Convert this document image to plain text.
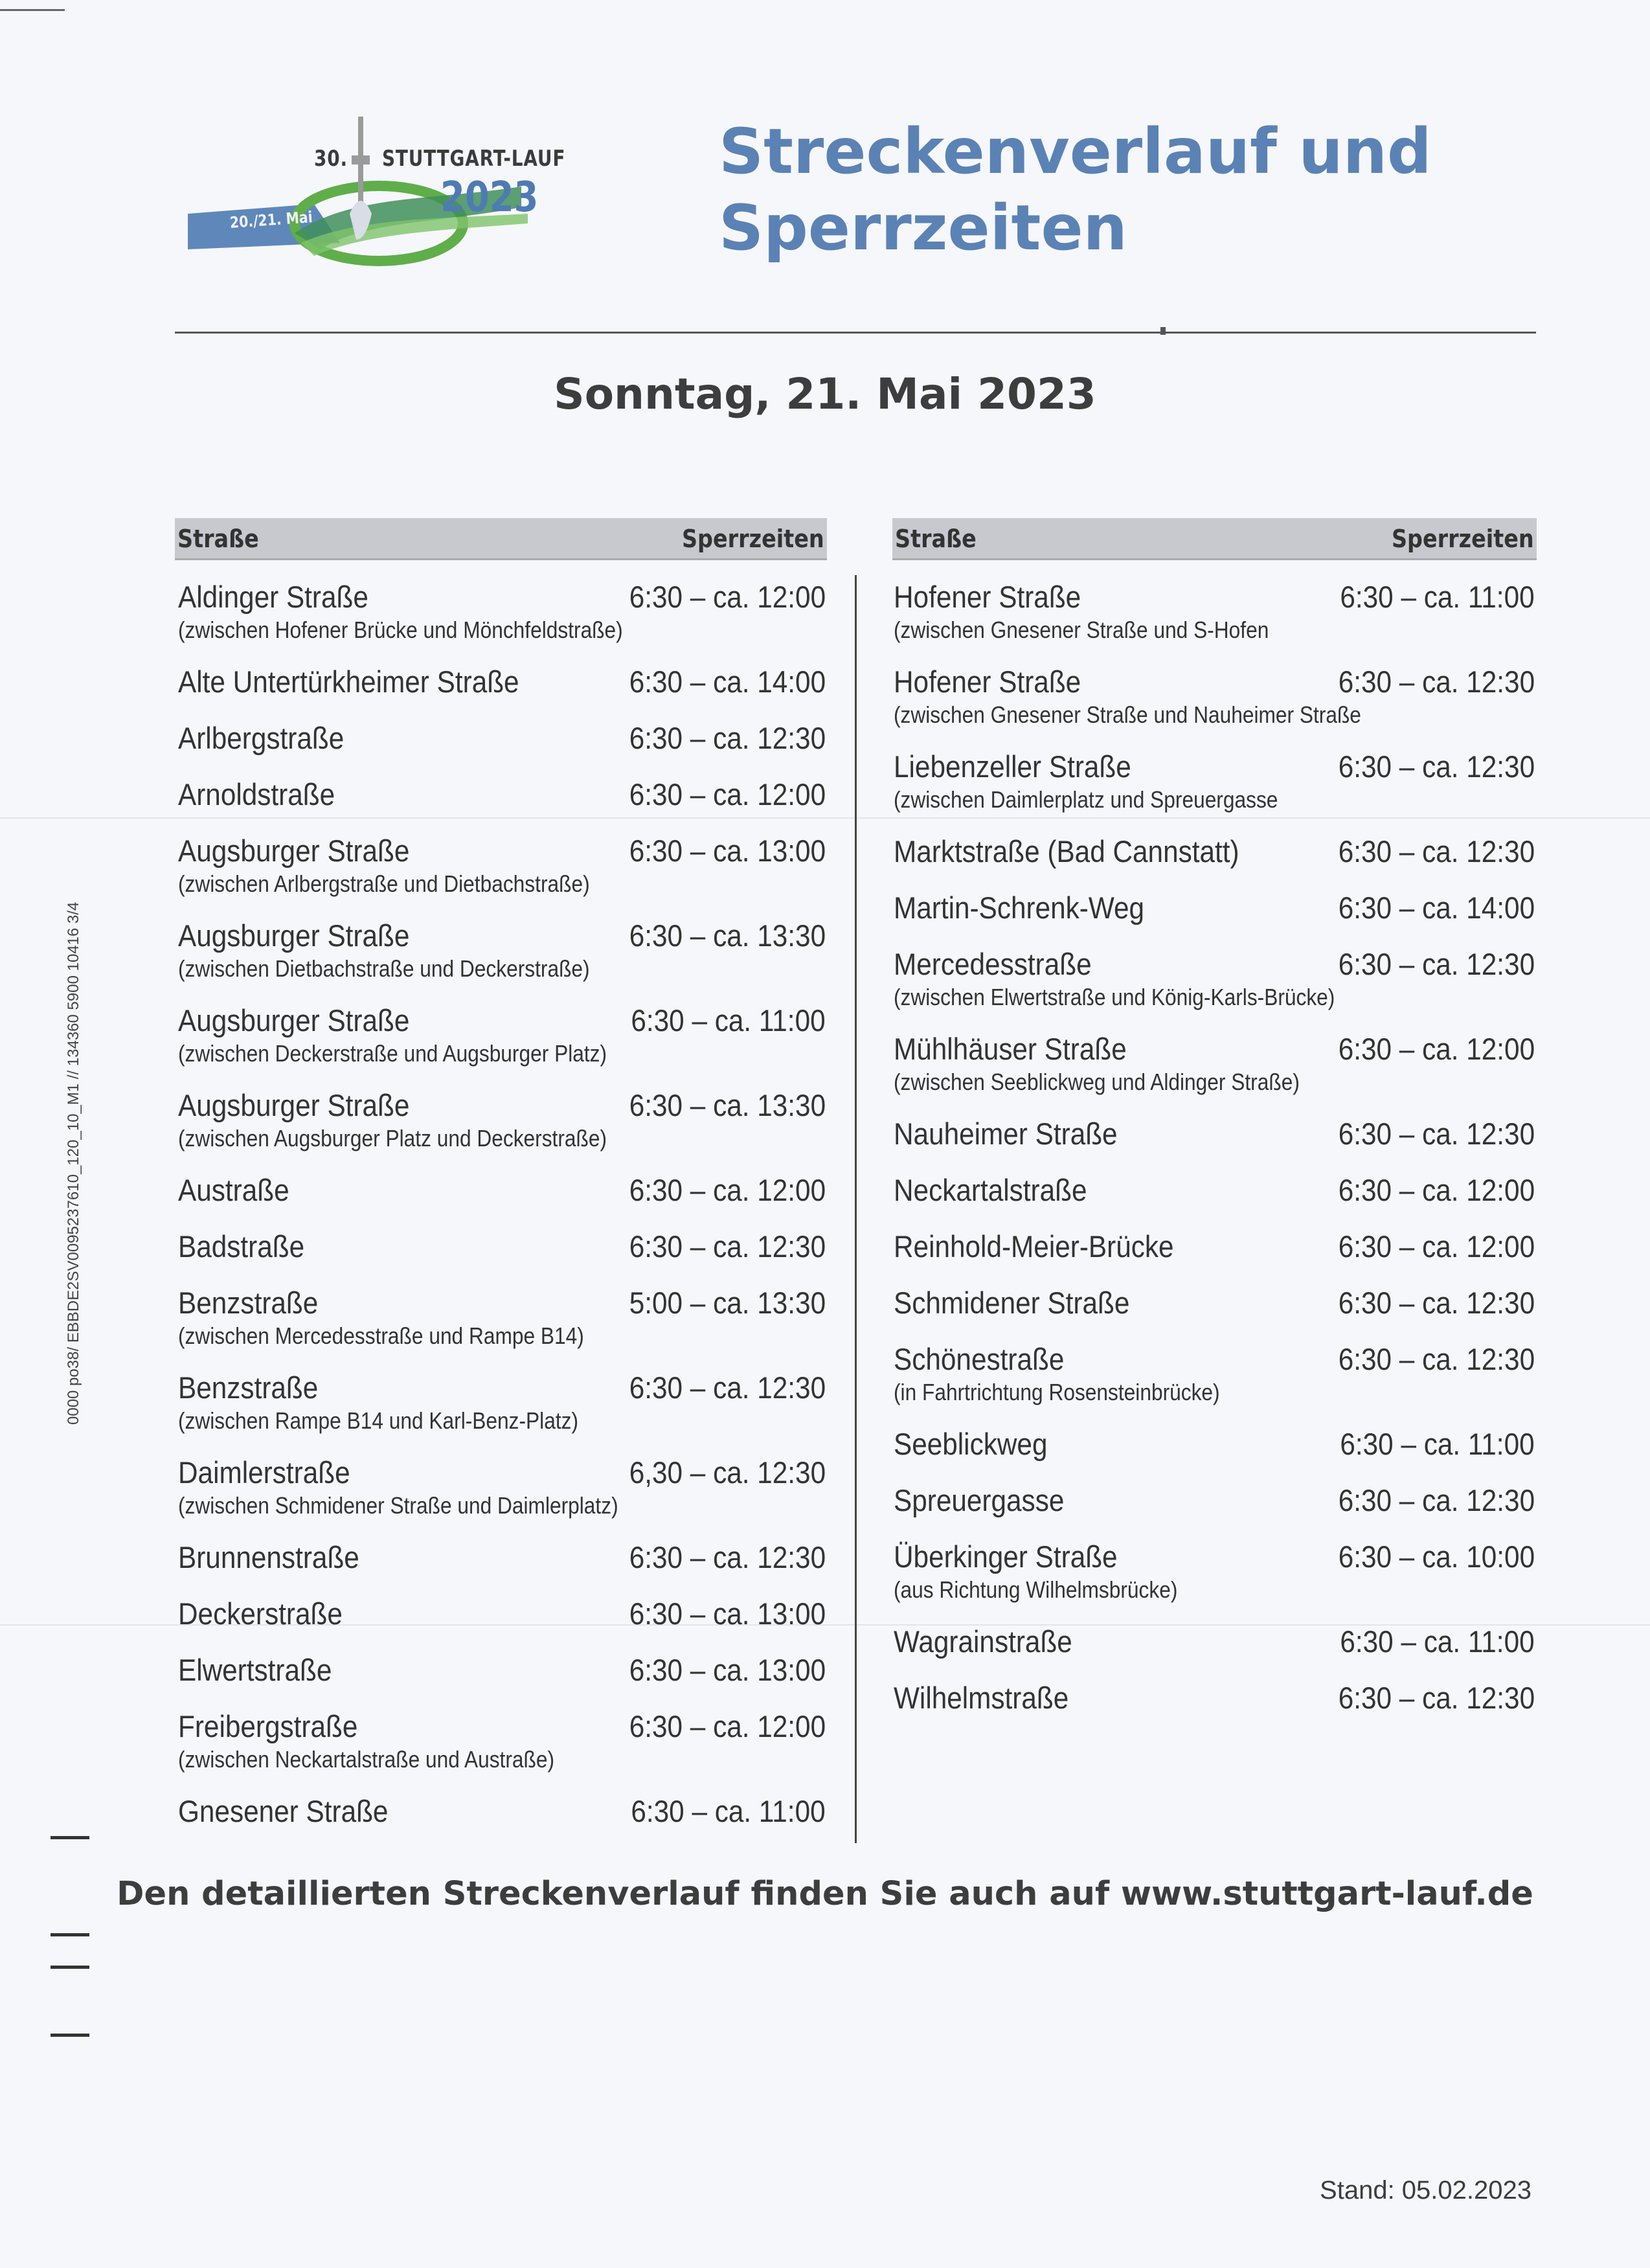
30. STUTTGART-LAUF
2023
20./21. Mai
Streckenverlauf und
Sperrzeiten
Sonntag, 21. Mai 2023
Straße	Sperrzeiten	Straße	Sperrzeiten
Aldinger Straße	6:30 – ca. 12:00
(zwischen Hofener Brücke und Mönchfeldstraße)
Alte Untertürkheimer Straße	6:30 – ca. 14:00
Arlbergstraße	6:30 – ca. 12:30
Arnoldstraße	6:30 – ca. 12:00
Augsburger Straße	6:30 – ca. 13:00
(zwischen Arlbergstraße und Dietbachstraße)
Augsburger Straße	6:30 – ca. 13:30
(zwischen Dietbachstraße und Deckerstraße)
Augsburger Straße	6:30 – ca. 11:00
(zwischen Deckerstraße und Augsburger Platz)
Augsburger Straße	6:30 – ca. 13:30
(zwischen Augsburger Platz und Deckerstraße)
Austraße	6:30 – ca. 12:00
Badstraße	6:30 – ca. 12:30
Benzstraße	5:00 – ca. 13:30
(zwischen Mercedesstraße und Rampe B14)
Benzstraße	6:30 – ca. 12:30
(zwischen Rampe B14 und Karl-Benz-Platz)
Daimlerstraße	6,30 – ca. 12:30
(zwischen Schmidener Straße und Daimlerplatz)
Brunnenstraße	6:30 – ca. 12:30
Deckerstraße	6:30 – ca. 13:00
Elwertstraße	6:30 – ca. 13:00
Freibergstraße	6:30 – ca. 12:00
(zwischen Neckartalstraße und Austraße)
Gnesener Straße	6:30 – ca. 11:00
Hofener Straße	6:30 – ca. 11:00
(zwischen Gnesener Straße und S-Hofen
Hofener Straße	6:30 – ca. 12:30
(zwischen Gnesener Straße und Nauheimer Straße
Liebenzeller Straße	6:30 – ca. 12:30
(zwischen Daimlerplatz und Spreuergasse
Marktstraße (Bad Cannstatt)	6:30 – ca. 12:30
Martin-Schrenk-Weg	6:30 – ca. 14:00
Mercedesstraße	6:30 – ca. 12:30
(zwischen Elwertstraße und König-Karls-Brücke)
Mühlhäuser Straße	6:30 – ca. 12:00
(zwischen Seeblickweg und Aldinger Straße)
Nauheimer Straße	6:30 – ca. 12:30
Neckartalstraße	6:30 – ca. 12:00
Reinhold-Meier-Brücke	6:30 – ca. 12:00
Schmidener Straße	6:30 – ca. 12:30
Schönestraße	6:30 – ca. 12:30
(in Fahrtrichtung Rosensteinbrücke)
Seeblickweg	6:30 – ca. 11:00
Spreuergasse	6:30 – ca. 12:30
Überkinger Straße	6:30 – ca. 10:00
(aus Richtung Wilhelmsbrücke)
Wagrainstraße	6:30 – ca. 11:00
Wilhelmstraße	6:30 – ca. 12:30

Den detaillierten Streckenverlauf finden Sie auch auf www.stuttgart-lauf.de

Stand: 05.02.2023
0000 po38/ EBBDE2SV0095237610_120_10_M1 // 134360 5900 10416 3/4
